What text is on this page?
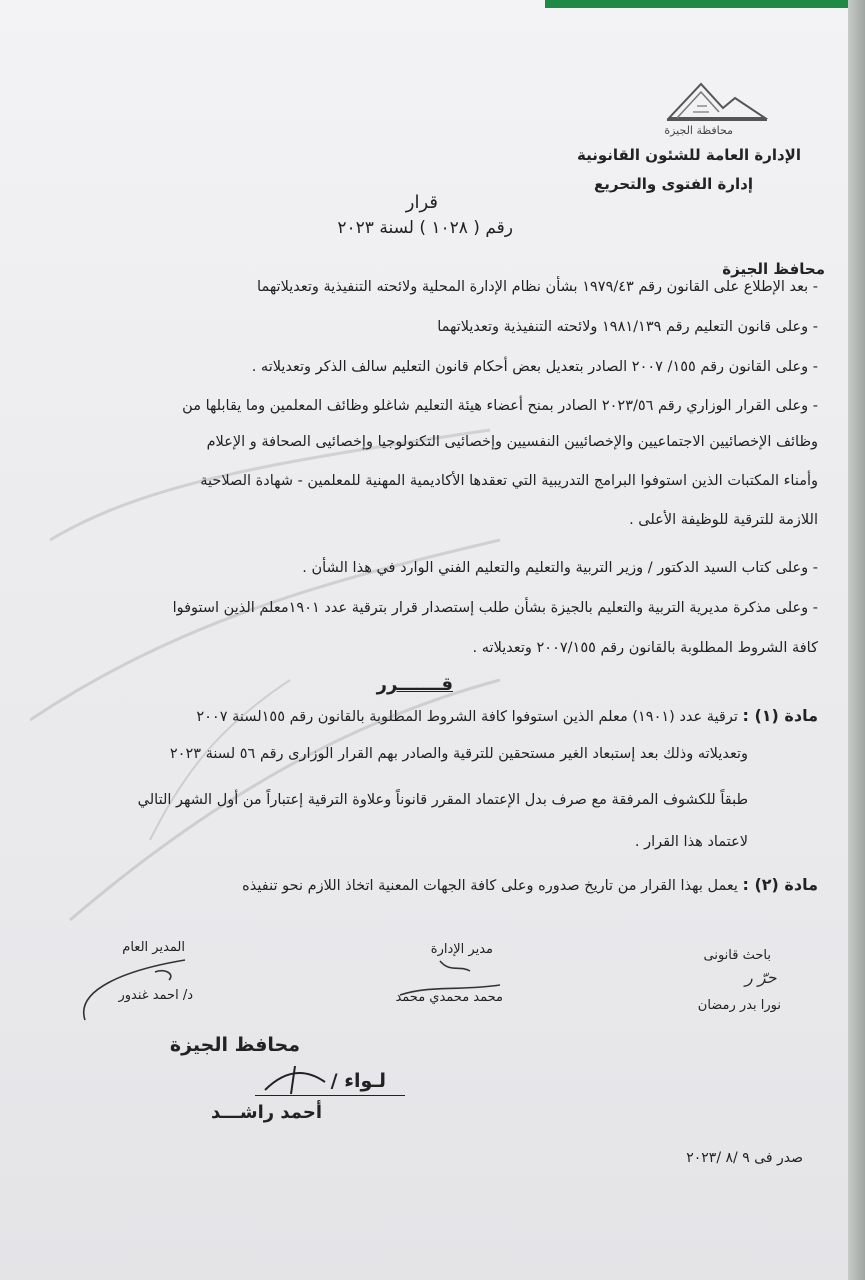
محافظة الجيزة
الإدارة العامة للشئون القانونية
إدارة الفتوى والتحريع
قرار
رقم ( ١٠٢٨ ) لسنة ٢٠٢٣
محافظ الجيزة
- بعد الإطلاع على القانون رقم ١٩٧٩/٤٣ بشأن نظام الإدارة المحلية ولائحته التنفيذية وتعديلاتهما
- وعلى قانون التعليم رقم ١٩٨١/١٣٩ ولائحته التنفيذية وتعديلاتهما
- وعلى القانون رقم ١٥٥/ ٢٠٠٧ الصادر بتعديل بعض أحكام قانون التعليم سالف الذكر وتعديلاته .
- وعلى القرار الوزاري رقم ٢٠٢٣/٥٦ الصادر بمنح أعضاء هيئة التعليم شاغلو وظائف المعلمين وما يقابلها من
وظائف الإخصائيين الاجتماعيين والإخصائيين النفسيين وإخصائيى التكنولوجيا وإخصائيى الصحافة و الإعلام
وأمناء المكتبات الذين استوفوا البرامج التدريبية التي تعقدها الأكاديمية المهنية للمعلمين - شهادة الصلاحية
اللازمة للترقية للوظيفة الأعلى .
- وعلى كتاب السيد الدكتور / وزير التربية والتعليم والتعليم الفني الوارد في هذا الشأن .
- وعلى مذكرة مديرية التربية والتعليم بالجيزة بشأن طلب إستصدار قرار بترقية عدد ١٩٠١معلم الذين استوفوا
كافة الشروط المطلوبة بالقانون رقم ٢٠٠٧/١٥٥ وتعديلاته .
قـــــــرر
مادة (١) : ترقية عدد (١٩٠١) معلم الذين استوفوا كافة الشروط المطلوبة بالقانون رقم ١٥٥لسنة ٢٠٠٧
وتعديلاته وذلك بعد إستبعاد الغير مستحقين للترقية والصادر بهم القرار الوزارى رقم ٥٦ لسنة ٢٠٢٣
طبقاً للكشوف المرفقة مع صرف بدل الإعتماد المقرر قانوناً وعلاوة الترقية إعتباراً من أول الشهر التالي
لاعتماد هذا القرار .
مادة (٢) : يعمل بهذا القرار من تاريخ صدوره وعلى كافة الجهات المعنية اتخاذ اللازم نحو تنفيذه
باحث قانونى
حرّ ر
نورا بدر رمضان
مدير الإدارة
محمد محمدي محمد
المدير العام
د/ احمد غندور
محافظ الجيزة
لـواء /
أحمد راشـــد
صدر فى ٩ /٨ /٢٠٢٣
